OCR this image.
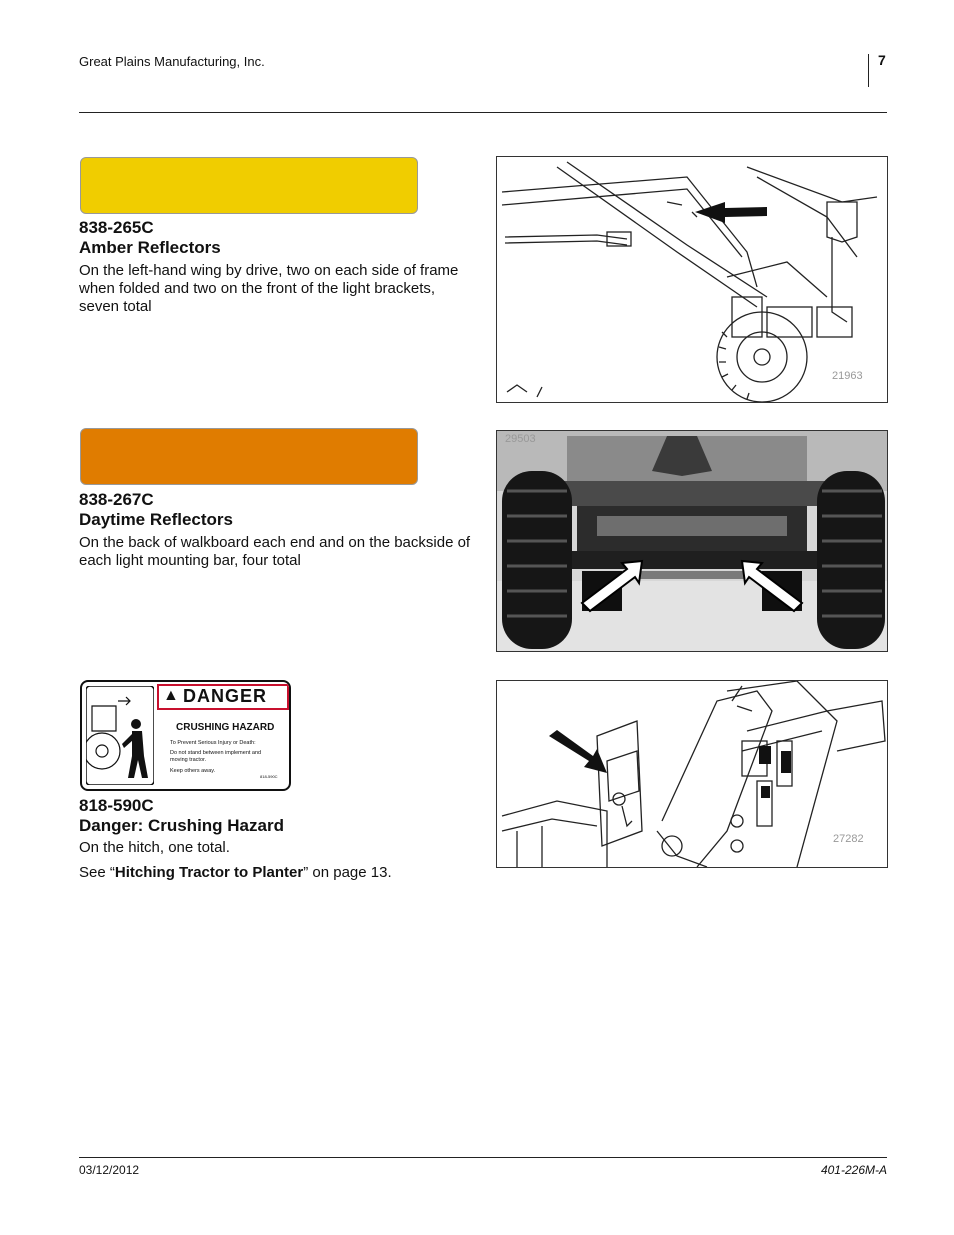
Great Plains Manufacturing, Inc.	7
838-265C
Amber Reflectors
On the left-hand wing by drive, two on each side of frame when folded and two on the front of the light brackets, seven total
21963
838-267C
Daytime Reflectors
On the back of walkboard each end and on the backside of each light mounting bar, four total
29503
▲ DANGER
CRUSHING HAZARD
To Prevent Serious Injury or Death:
Do not stand between implement and moving tractor.
Keep others away.
818-590C
818-590C
Danger: Crushing Hazard
On the hitch, one total.
See “Hitching Tractor to Planter” on page 13.
27282
03/12/2012	401-226M-A
